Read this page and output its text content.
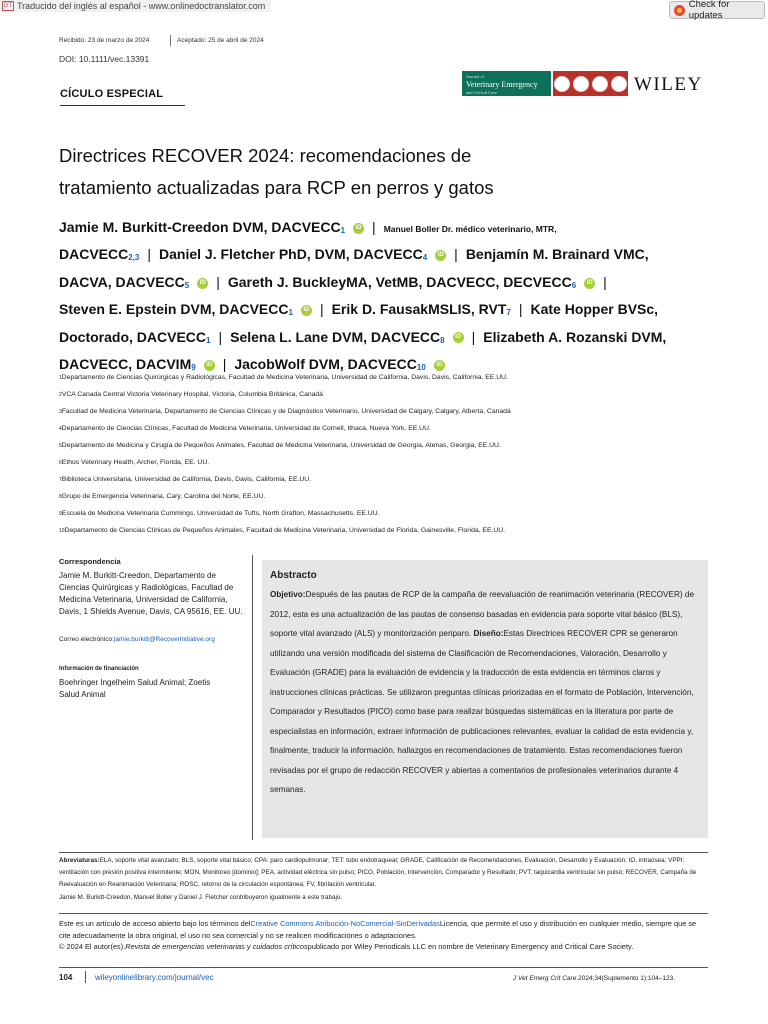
DT Traducido del inglés al español - www.onlinedoctranslator.com	Check for updates
Recibido: 23 de marzo de 2024	Aceptado: 25 de abril de 2024
DOI: 10.1111/vec.13391
CÍCULO ESPECIAL
Journal of
Veterinary Emergency

and Critical Care	WILEY
Directrices RECOVER 2024: recomendaciones de
tratamiento actualizadas para RCP en perros y gatos
Jamie M. Burkitt-Creedon DVM, DACVECC$^1$ iD | Manuel Boller Dr. médico veterinario, MTR,
DACVECC$^{2,3}$ | Daniel J. Fletcher PhD, DVM, DACVECC$^4$ iD | Benjamín M. Brainard VMC,
DACVA, DACVECC$^5$ iD | Gareth J. BuckleyMA, VetMB, DACVECC, DECVECC$^6$ iD |
Steven E. Epstein DVM, DACVECC$^1$ iD | Erik D. FausakMSLIS, RVT$^7$ | Kate Hopper BVSc,
Doctorado, DACVECC$^1$ | Selena L. Lane DVM, DACVECC$^8$ iD | Elizabeth A. Rozanski DVM,
DACVECC, DACVIM$^9$ iD | JacobWolf DVM, DACVECC$^{10}$ iD
1Departamento de Ciencias Quirúrgicas y Radiológicas, Facultad de Medicina Veterinaria, Universidad de California, Davis, Davis, California, EE.UU.
2VCA Canada Central Victoria Veterinary Hospital, Victoria, Columbia Británica, Canadá
3Facultad de Medicina Veterinaria, Departamento de Ciencias Clínicas y de Diagnóstico Veterinario, Universidad de Calgary, Calgary, Alberta, Canadá
4Departamento de Ciencias Clínicas, Facultad de Medicina Veterinaria, Universidad de Cornell, Ithaca, Nueva York, EE.UU.
5Departamento de Medicina y Cirugía de Pequeños Animales, Facultad de Medicina Veterinaria, Universidad de Georgia, Atenas, Georgia, EE.UU.
6Ethos Veterinary Health, Archer, Florida, EE. UU.
7Biblioteca Universitaria, Universidad de California, Davis, Davis, California, EE.UU.
8Grupo de Emergencia Veterinaria, Cary, Carolina del Norte, EE.UU.
9Escuela de Medicina Veterinaria Cummings, Universidad de Tufts, North Grafton, Massachusetts, EE.UU.
10Departamento de Ciencias Clínicas de Pequeños Animales, Facultad de Medicina Veterinaria, Universidad de Florida, Gainesville, Florida, EE.UU.
Correspondencia
Jamie M. Burkitt-Creedon, Departamento de
Ciencias Quirúrgicas y Radiológicas, Facultad de
Medicina Veterinaria, Universidad de California,
Davis, 1 Shields Avenue, Davis, CA 95616, EE. UU.
Correo electrónico:jamie.burkitt@RecoverInitiative.org
Información de financiación
Boehringer Ingelheim Salud Animal; Zoetis
Salud Animal
Abstracto
Objetivo:Después de las pautas de RCP de la campaña de reevaluación de reanimación veterinaria (RECOVER) de 2012, esta es una actualización de las pautas de consenso basadas en evidencia para soporte vital básico (BLS), soporte vital avanzado (ALS) y monitorización periparo. Diseño:Estas Directrices RECOVER CPR se generaron utilizando una versión modificada del sistema de Clasificación de Recomendaciones, Valoración, Desarrollo y Evaluación (GRADE) para la evaluación de evidencia y la traducción de esta evidencia en términos claros y
instrucciones clínicas prácticas. Se utilizaron preguntas clínicas priorizadas en el formato de Población, Intervención, Comparador y Resultados (PICO) como base para realizar búsquedas sistemáticas en la literatura por parte de especialistas en información, extraer información de publicaciones relevantes, evaluar la calidad de esta evidencia y, finalmente, traducir la información. hallazgos en recomendaciones de tratamiento. Estas recomendaciones fueron revisadas por el grupo de redacción RECOVER y abiertas a comentarios de profesionales veterinarios durante 4 semanas.
Abreviaturas:ELA, soporte vital avanzado; BLS, soporte vital básico; CPA: paro cardiopulmonar; TET: tubo endotraqueal; GRADE, Calificación de Recomendaciones, Evaluación, Desarrollo y Evaluación; IO, intraósea; VPPI: ventilación con presión positiva intermitente; MON, Monitoreo [dominio]; PEA, actividad eléctrica sin pulso; PICO, Población, Intervención, Comparador y Resultado; PVT: taquicardia ventricular sin pulso; RECOVER, Campaña de Reevaluación en Reanimación Veterinaria; ROSC, retorno de la circulación espontánea; FV, fibrilación ventricular.
Jamie M. Burkitt-Creedon, Manuel Boller y Daniel J. Fletcher contribuyeron igualmente a este trabajo.
Este es un artículo de acceso abierto bajo los términos delCreative Commons Atribución-NoComercial-SinDerivadasLicencia, que permite el uso y distribución en cualquier medio, siempre que se cite adecuadamente la obra original, el uso no sea comercial y no se realicen modificaciones o adaptaciones.
© 2024 El autor(es).Revista de emergencias veterinarias y cuidados críticospublicado por Wiley Periodicals LLC en nombre de Veterinary Emergency and Critical Care Society.
104	wileyonlinelibrary.com/journal/vec	J Vet Emerg Crit Care.2024;34(Suplemento 1):104–123.
